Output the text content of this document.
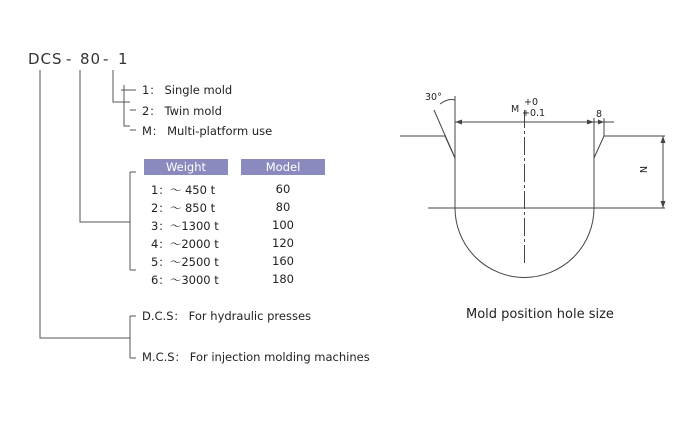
DCS - 80 - 1
1： Single mold
2： Twin mold
M： Multi-platform use
Weight	Model
1：～ 450 t	60
2：～ 850 t	80
3：～1300 t	100
4：～2000 t	120
5：～2500 t	160
6：～3000 t	180
D.C.S： For hydraulic presses
M.C.S： For injection molding machines
30°
M
+0
+0.1	8
N
Mold position hole size
